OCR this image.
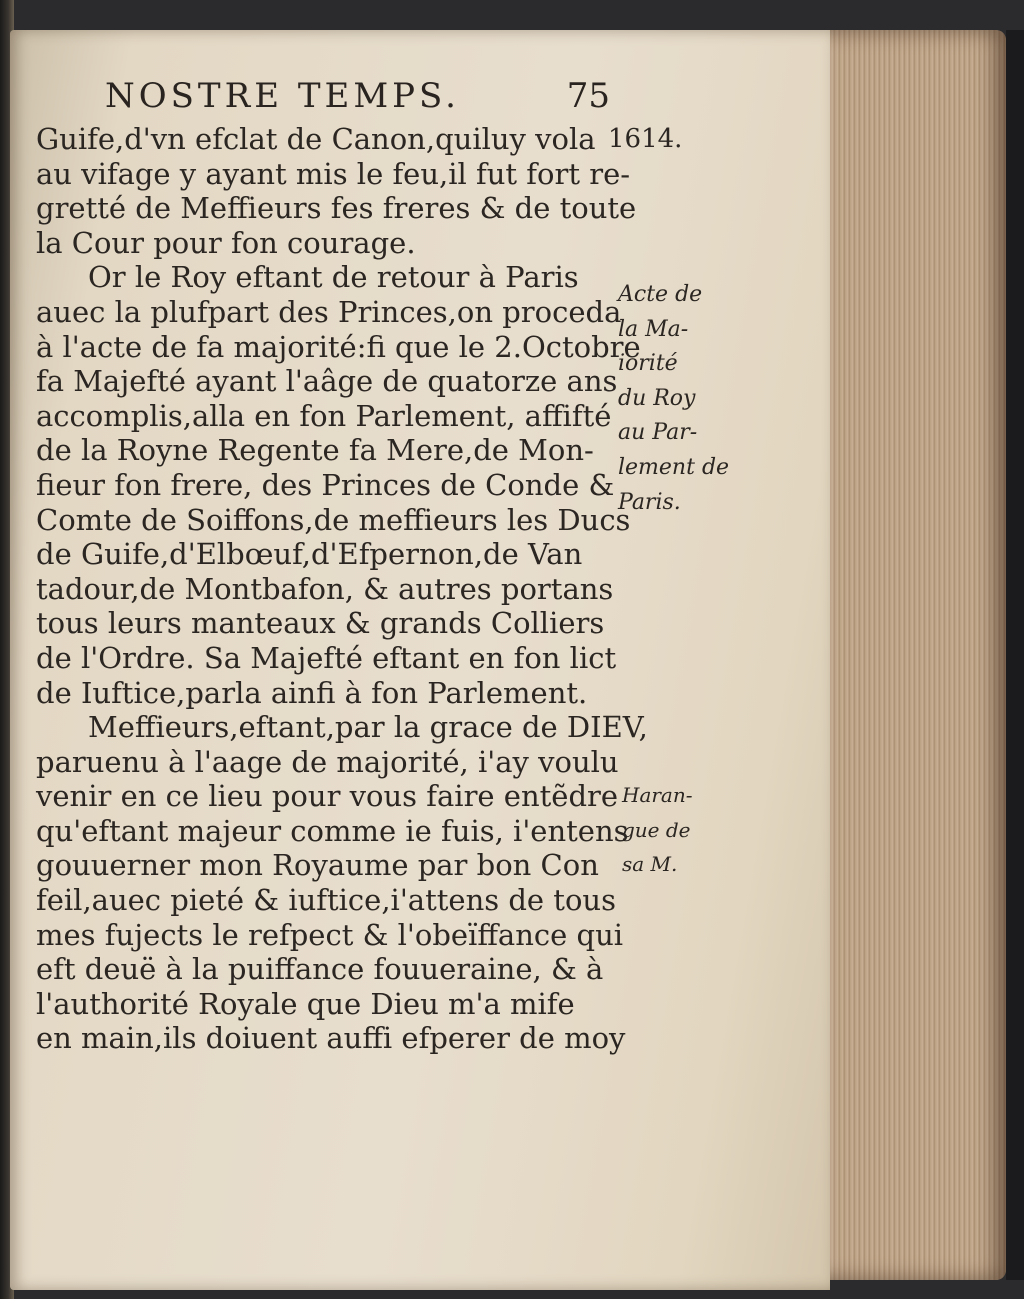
NOSTRE TEMPS.	75
1614.
Guife,d'vn efclat de Canon,quiluy vola
au vifage y ayant mis le feu,il fut fort re-
gretté de Meffieurs fes freres & de toute
la Cour pour fon courage.
Or le Roy eftant de retour à Paris
auec la plufpart des Princes,on proceda
à l'acte de fa majorité:fi que le 2.Octobre
fa Majefté ayant l'aâge de quatorze ans
accomplis,alla en fon Parlement, affifté
de la Royne Regente fa Mere,de Mon-
fieur fon frere, des Princes de Conde &
Comte de Soiffons,de meffieurs les Ducs
de Guife,d'Elbœuf,d'Efpernon,de Van
tadour,de Montbafon, & autres portans
tous leurs manteaux & grands Colliers
de l'Ordre. Sa Majefté eftant en fon lict
de Iuftice,parla ainfi à fon Parlement.
Meffieurs,eftant,par la grace de DIEV,
paruenu à l'aage de majorité, i'ay voulu
venir en ce lieu pour vous faire entẽdre
qu'eftant majeur comme ie fuis, i'entens
gouuerner mon Royaume par bon Con
feil,auec pieté & iuftice,i'attens de tous
mes fujects le refpect & l'obeïffance qui
eft deuë à la puiffance fouueraine, & à
l'authorité Royale que Dieu m'a mife
en main,ils doiuent auffi efperer de moy
Acte de
la Ma-
iorité
du Roy
au Par-
lement de
Paris.
Haran-
gue de
sa M.
